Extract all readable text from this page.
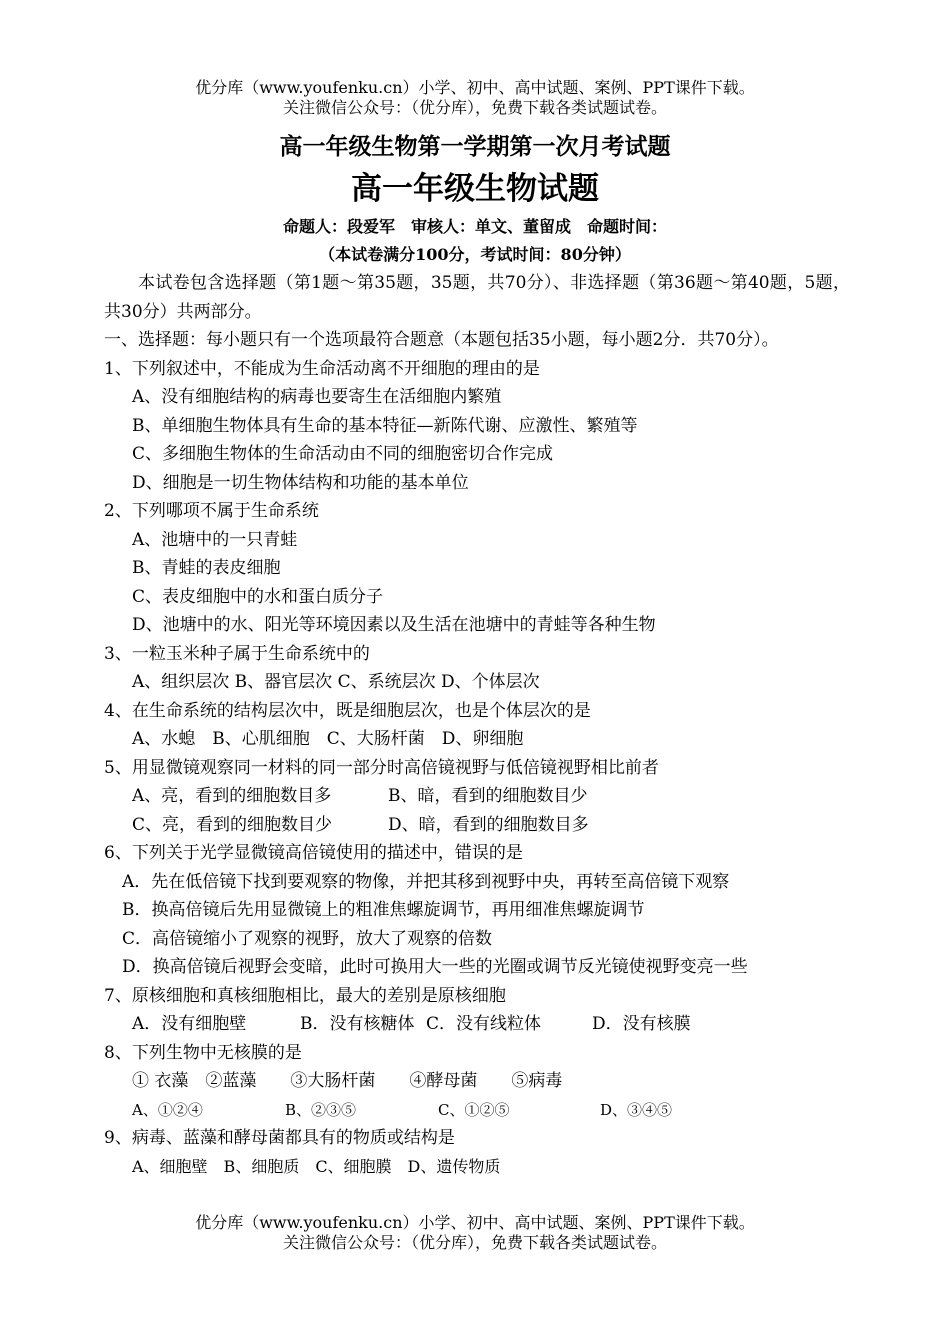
优分库（www.youfenku.cn）小学、初中、高中试题、案例、PPT课件下载。
关注微信公众号：（优分库），免费下载各类试题试卷。
高一年级生物第一学期第一次月考试题
高一年级生物试题
命题人：段爱军　审核人：单文、董留成　命题时间：
（本试卷满分100分，考试时间：80分钟）

本试卷包含选择题（第1题～第35题，35题，共70分）、非选择题（第36题～第40题，5题，共30分）共两部分。

一、选择题：每小题只有一个选项最符合题意（本题包括35小题，每小题2分．共70分）。

1、下列叙述中，不能成为生命活动离不开细胞的理由的是

A、没有细胞结构的病毒也要寄生在活细胞内繁殖

B、单细胞生物体具有生命的基本特征—新陈代谢、应激性、繁殖等

C、多细胞生物体的生命活动由不同的细胞密切合作完成

D、细胞是一切生物体结构和功能的基本单位

2、下列哪项不属于生命系统

A、池塘中的一只青蛙

B、青蛙的表皮细胞

C、表皮细胞中的水和蛋白质分子

D、池塘中的水、阳光等环境因素以及生活在池塘中的青蛙等各种生物

3、一粒玉米种子属于生命系统中的

A、组织层次 B、器官层次 C、系统层次 D、个体层次

4、在生命系统的结构层次中，既是细胞层次，也是个体层次的是

A、水螅　B、心肌细胞　C、大肠杆菌　D、卵细胞

5、用显微镜观察同一材料的同一部分时高倍镜视野与低倍镜视野相比前者

A、亮，看到的细胞数目多	B、暗，看到的细胞数目少

C、亮，看到的细胞数目少	D、暗，看到的细胞数目多

6、下列关于光学显微镜高倍镜使用的描述中，错误的是

A．先在低倍镜下找到要观察的物像，并把其移到视野中央，再转至高倍镜下观察

B．换高倍镜后先用显微镜上的粗准焦螺旋调节，再用细准焦螺旋调节

C．高倍镜缩小了观察的视野，放大了观察的倍数

D．换高倍镜后视野会变暗，此时可换用大一些的光圈或调节反光镜使视野变亮一些

7、原核细胞和真核细胞相比，最大的差别是原核细胞

A．没有细胞壁	B．没有核糖体 C．没有线粒体	D．没有核膜

8、下列生物中无核膜的是

① 衣藻　②蓝藻　　③大肠杆菌　　④酵母菌　　⑤病毒

A、①②④	B、②③⑤	C、①②⑤	D、③④⑤

9、病毒、蓝藻和酵母菌都具有的物质或结构是

A、细胞壁　B、细胞质　C、细胞膜　D、遗传物质

优分库（www.youfenku.cn）小学、初中、高中试题、案例、PPT课件下载。
关注微信公众号：（优分库），免费下载各类试题试卷。
